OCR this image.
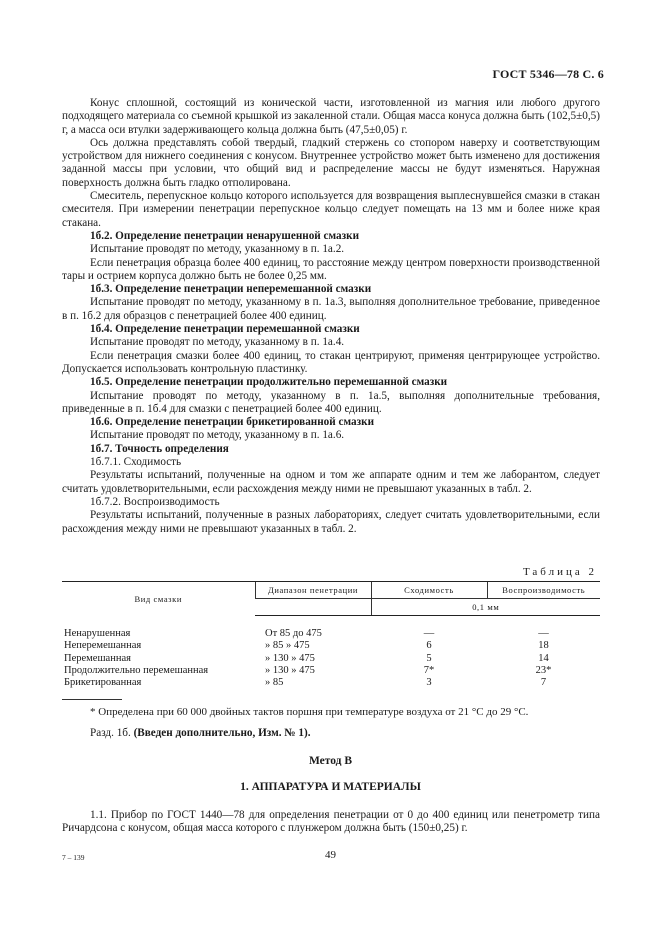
ГОСТ 5346—78 С. 6

Конус сплошной, состоящий из конической части, изготовленной из магния или любого другого подходящего материала со съемной крышкой из закаленной стали. Общая масса конуса должна быть (102,5±0,5) г, а масса оси втулки задерживающего кольца должна быть (47,5±0,05) г.

Ось должна представлять собой твердый, гладкий стержень со стопором наверху и соответствующим устройством для нижнего соединения с конусом. Внутреннее устройство может быть изменено для достижения заданной массы при условии, что общий вид и распределение массы не будут изменяться. Наружная поверхность должна быть гладко отполирована.

Смеситель, перепускное кольцо которого используется для возвращения выплеснувшейся смазки в стакан смесителя. При измерении пенетрации перепускное кольцо следует помещать на 13 мм и более ниже края стакана.

1б.2. Определение пенетрации ненарушенной смазки

Испытание проводят по методу, указанному в п. 1а.2.

Если пенетрация образца более 400 единиц, то расстояние между центром поверхности производственной тары и острием корпуса должно быть не более 0,25 мм.

1б.3. Определение пенетрации неперемешанной смазки

Испытание проводят по методу, указанному в п. 1а.3, выполняя дополнительное требование, приведенное в п. 1б.2 для образцов с пенетрацией более 400 единиц.

1б.4. Определение пенетрации перемешанной смазки

Испытание проводят по методу, указанному в п. 1а.4.

Если пенетрация смазки более 400 единиц, то стакан центрируют, применяя центрирующее устройство. Допускается использовать контрольную пластинку.

1б.5. Определение пенетрации продолжительно перемешанной смазки

Испытание проводят по методу, указанному в п. 1а.5, выполняя дополнительные требования, приведенные в п. 1б.4 для смазки с пенетрацией более 400 единиц.

1б.6. Определение пенетрации брикетированной смазки

Испытание проводят по методу, указанному в п. 1а.6.

1б.7. Точность определения

1б.7.1. Сходимость

Результаты испытаний, полученные на одном и том же аппарате одним и тем же лаборантом, следует считать удовлетворительными, если расхождения между ними не превышают указанных в табл. 2.

1б.7.2. Воспроизводимость

Результаты испытаний, полученные в разных лабораториях, следует считать удовлетворительными, если расхождения между ними не превышают указанных в табл. 2.

Таблица 2
Вид смазки	Диапазон пенетрации	Сходимость	Воспроизводимость
		0,1 мм	
Ненарушенная	От 85 до 475	—	—
Неперемешанная	» 85 » 475	6	18
Перемешанная	» 130 » 475	5	14
Продолжительно перемешанная	» 130 » 475	7*	23*
Брикетированная	» 85	3	7

* Определена при 60 000 двойных тактов поршня при температуре воздуха от 21 °С до 29 °С.

Разд. 1б. (Введен дополнительно, Изм. № 1).
Метод В
1. АППАРАТУРА И МАТЕРИАЛЫ

1.1. Прибор по ГОСТ 1440—78 для определения пенетрации от 0 до 400 единиц или пенетрометр типа Ричардсона с конусом, общая масса которого с плунжером должна быть (150±0,25) г.

7 – 139	49
